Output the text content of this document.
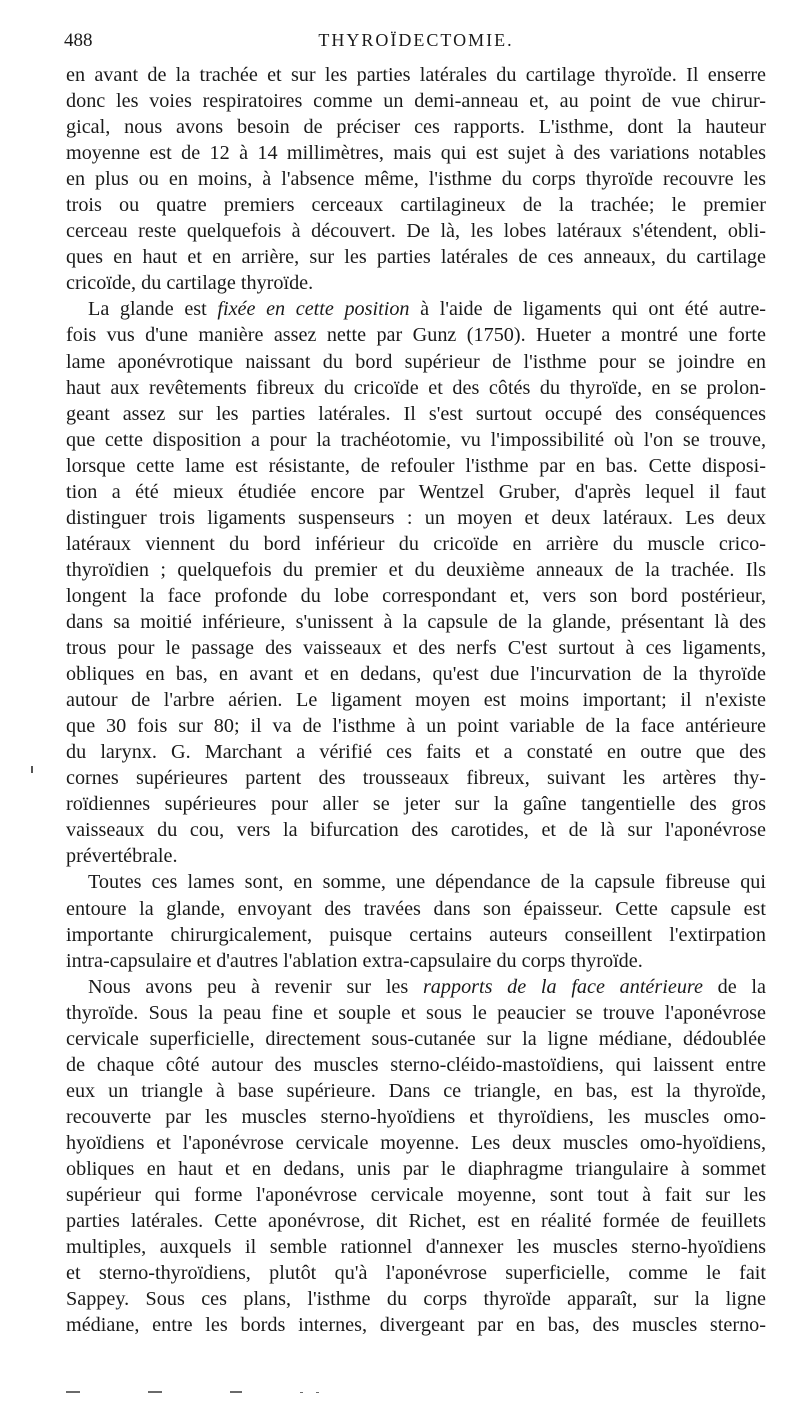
488	THYROÏDECTOMIE.

en avant de la trachée et sur les parties latérales du cartilage thyroïde. Il enserre
donc les voies respiratoires comme un demi-anneau et, au point de vue chirur-
gical, nous avons besoin de préciser ces rapports. L'isthme, dont la hauteur
moyenne est de 12 à 14 millimètres, mais qui est sujet à des variations notables
en plus ou en moins, à l'absence même, l'isthme du corps thyroïde recouvre les
trois ou quatre premiers cerceaux cartilagineux de la trachée; le premier
cerceau reste quelquefois à découvert. De là, les lobes latéraux s'étendent, obli-
ques en haut et en arrière, sur les parties latérales de ces anneaux, du cartilage
cricoïde, du cartilage thyroïde.

La glande est fixée en cette position à l'aide de ligaments qui ont été autre-
fois vus d'une manière assez nette par Gunz (1750). Hueter a montré une forte
lame aponévrotique naissant du bord supérieur de l'isthme pour se joindre en
haut aux revêtements fibreux du cricoïde et des côtés du thyroïde, en se prolon-
geant assez sur les parties latérales. Il s'est surtout occupé des conséquences
que cette disposition a pour la trachéotomie, vu l'impossibilité où l'on se trouve,
lorsque cette lame est résistante, de refouler l'isthme par en bas. Cette disposi-
tion a été mieux étudiée encore par Wentzel Gruber, d'après lequel il faut
distinguer trois ligaments suspenseurs : un moyen et deux latéraux. Les deux
latéraux viennent du bord inférieur du cricoïde en arrière du muscle crico-
thyroïdien ; quelquefois du premier et du deuxième anneaux de la trachée. Ils
longent la face profonde du lobe correspondant et, vers son bord postérieur,
dans sa moitié inférieure, s'unissent à la capsule de la glande, présentant là des
trous pour le passage des vaisseaux et des nerfs C'est surtout à ces ligaments,
obliques en bas, en avant et en dedans, qu'est due l'incurvation de la thyroïde
autour de l'arbre aérien. Le ligament moyen est moins important; il n'existe
que 30 fois sur 80; il va de l'isthme à un point variable de la face antérieure
du larynx. G. Marchant a vérifié ces faits et a constaté en outre que des
cornes supérieures partent des trousseaux fibreux, suivant les artères thy-
roïdiennes supérieures pour aller se jeter sur la gaîne tangentielle des gros
vaisseaux du cou, vers la bifurcation des carotides, et de là sur l'aponévrose
prévertébrale.

Toutes ces lames sont, en somme, une dépendance de la capsule fibreuse qui
entoure la glande, envoyant des travées dans son épaisseur. Cette capsule est
importante chirurgicalement, puisque certains auteurs conseillent l'extirpation
intra-capsulaire et d'autres l'ablation extra-capsulaire du corps thyroïde.

Nous avons peu à revenir sur les rapports de la face antérieure de la
thyroïde. Sous la peau fine et souple et sous le peaucier se trouve l'aponévrose
cervicale superficielle, directement sous-cutanée sur la ligne médiane, dédoublée
de chaque côté autour des muscles sterno-cléido-mastoïdiens, qui laissent entre
eux un triangle à base supérieure. Dans ce triangle, en bas, est la thyroïde,
recouverte par les muscles sterno-hyoïdiens et thyroïdiens, les muscles omo-
hyoïdiens et l'aponévrose cervicale moyenne. Les deux muscles omo-hyoïdiens,
obliques en haut et en dedans, unis par le diaphragme triangulaire à sommet
supérieur qui forme l'aponévrose cervicale moyenne, sont tout à fait sur les
parties latérales. Cette aponévrose, dit Richet, est en réalité formée de feuillets
multiples, auxquels il semble rationnel d'annexer les muscles sterno-hyoïdiens
et sterno-thyroïdiens, plutôt qu'à l'aponévrose superficielle, comme le fait
Sappey. Sous ces plans, l'isthme du corps thyroïde apparaît, sur la ligne
médiane, entre les bords internes, divergeant par en bas, des muscles sterno-
